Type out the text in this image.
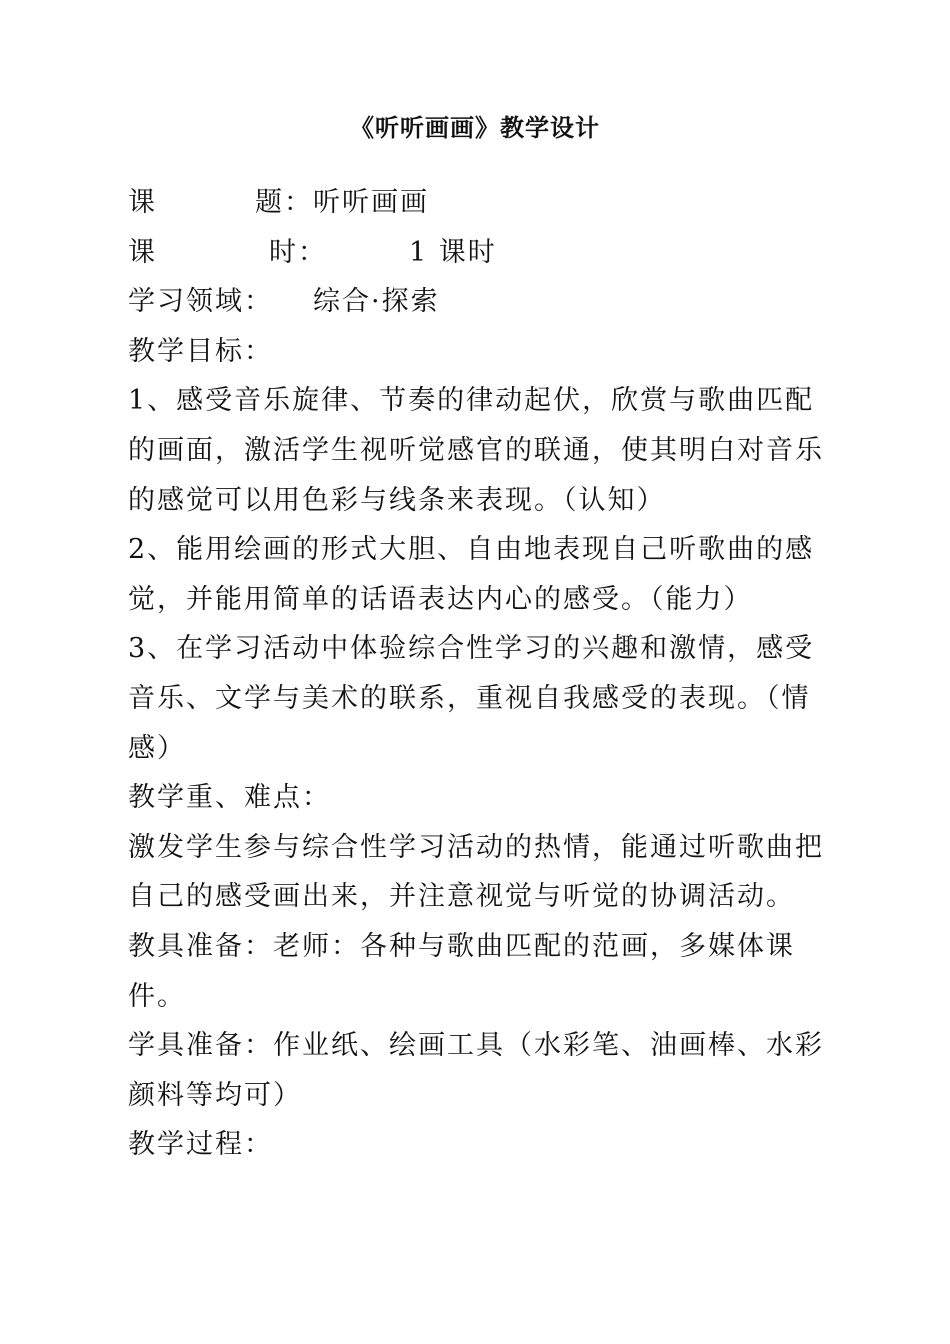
《听听画画》教学设计

课	题：听听画画

课	时：	1 课时

学习领域： 综合·探索

教学目标：

1、感受音乐旋律、节奏的律动起伏，欣赏与歌曲匹配的画面，激活学生视听觉感官的联通，使其明白对音乐的感觉可以用色彩与线条来表现。（认知）

2、能用绘画的形式大胆、自由地表现自己听歌曲的感觉，并能用简单的话语表达内心的感受。（能力）

3、在学习活动中体验综合性学习的兴趣和激情，感受音乐、文学与美术的联系，重视自我感受的表现。（情感）

教学重、难点：

激发学生参与综合性学习活动的热情，能通过听歌曲把自己的感受画出来，并注意视觉与听觉的协调活动。

教具准备：老师：各种与歌曲匹配的范画，多媒体课件。

学具准备：作业纸、绘画工具（水彩笔、油画棒、水彩颜料等均可）

教学过程：
